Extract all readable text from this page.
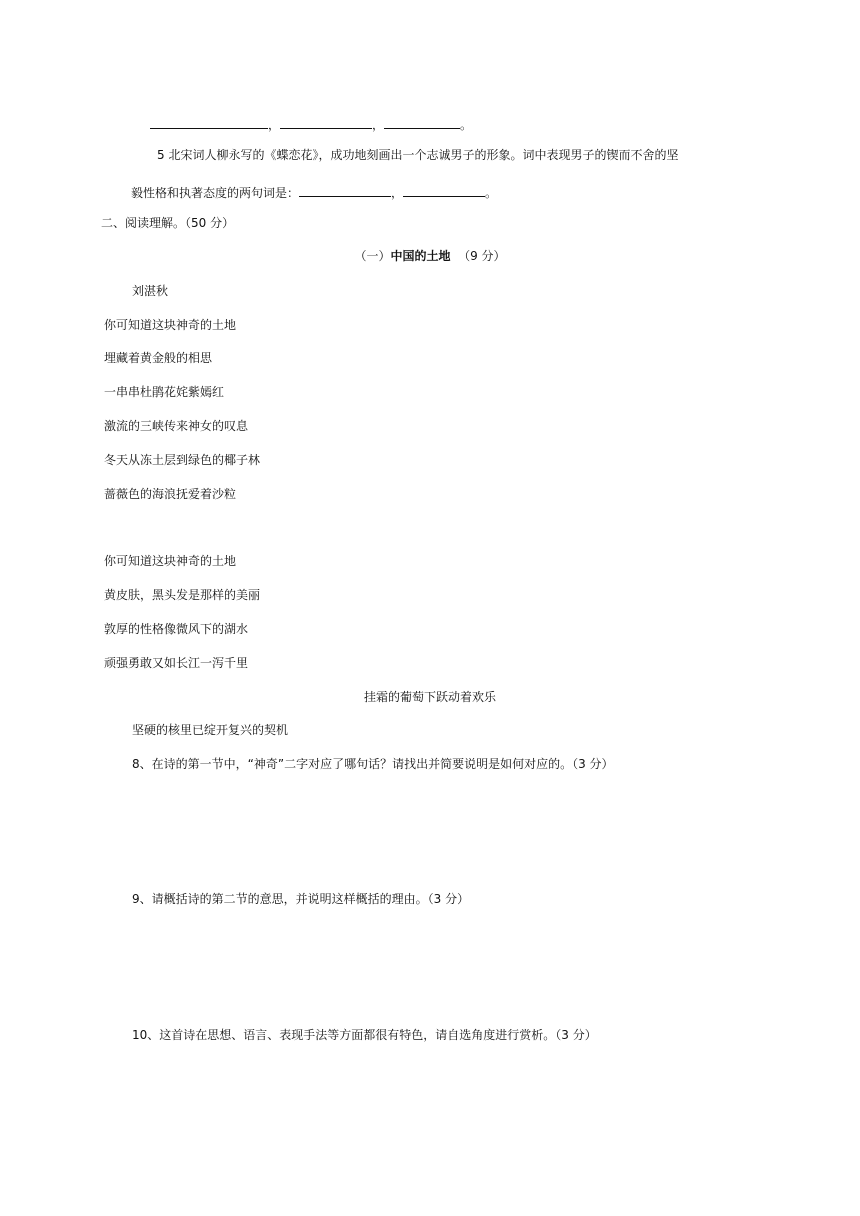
，	，	。
5 北宋词人柳永写的《蝶恋花》，成功地刻画出一个志诚男子的形象。词中表现男子的锲而不舍的坚
毅性格和执著态度的两句词是：	，	。
二、阅读理解。（50 分）
（一）中国的土地 （9 分）
刘湛秋
你可知道这块神奇的土地
埋藏着黄金般的相思
一串串杜鹃花姹紫嫣红
激流的三峡传来神女的叹息
冬天从冻土层到绿色的椰子林
蔷薇色的海浪抚爱着沙粒
你可知道这块神奇的土地
黄皮肤，黑头发是那样的美丽
敦厚的性格像微风下的湖水
顽强勇敢又如长江一泻千里
挂霜的葡萄下跃动着欢乐
坚硬的核里已绽开复兴的契机
8、在诗的第一节中，“神奇”二字对应了哪句话？请找出并简要说明是如何对应的。（3 分）
9、请概括诗的第二节的意思，并说明这样概括的理由。（3 分）
10、这首诗在思想、语言、表现手法等方面都很有特色，请自选角度进行赏析。（3 分）
